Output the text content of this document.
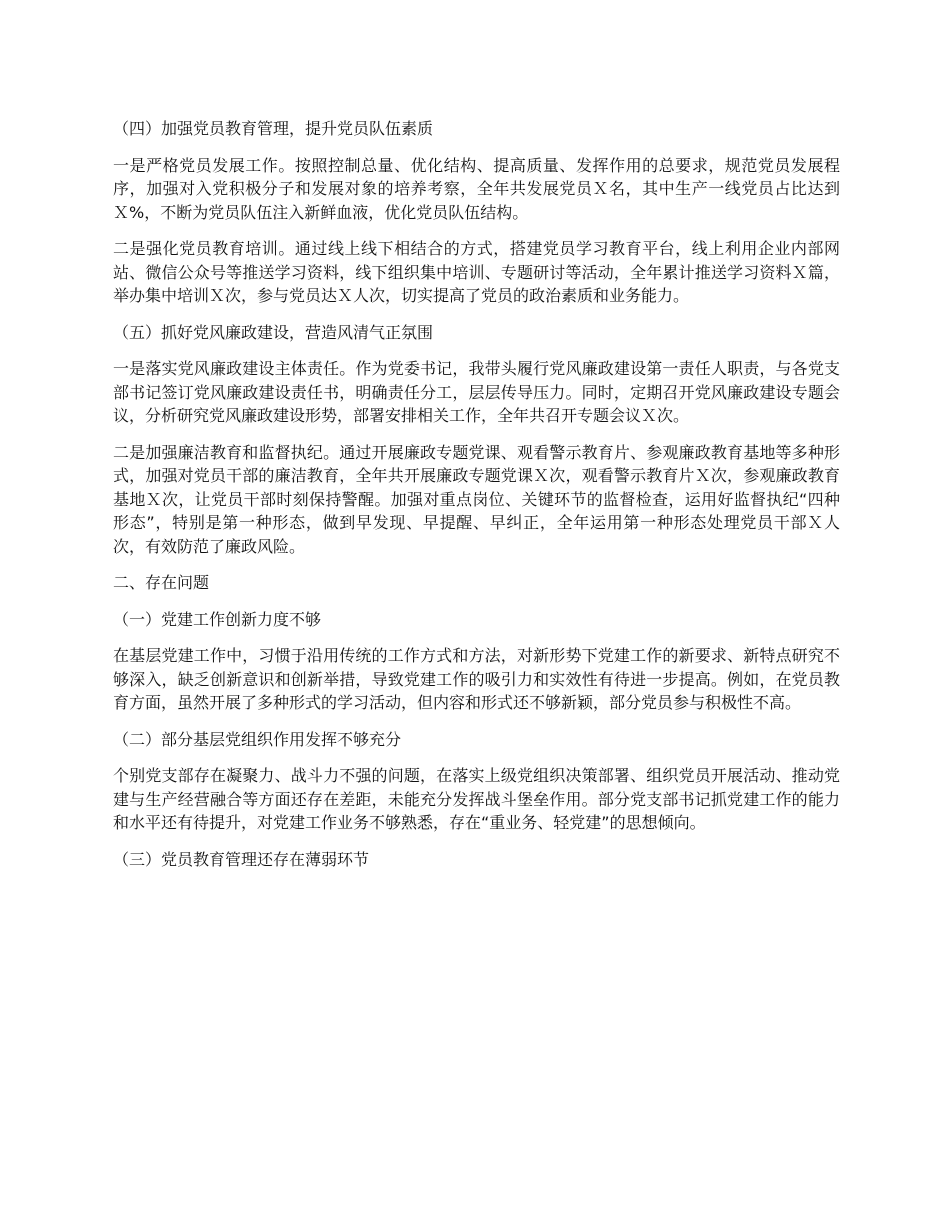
（四）加强党员教育管理，提升党员队伍素质

一是严格党员发展工作。按照控制总量、优化结构、提高质量、发挥作用的总要求，规范党员发展程序，加强对入党积极分子和发展对象的培养考察，全年共发展党员Ｘ名，其中生产一线党员占比达到Ｘ%，不断为党员队伍注入新鲜血液，优化党员队伍结构。

二是强化党员教育培训。通过线上线下相结合的方式，搭建党员学习教育平台，线上利用企业内部网站、微信公众号等推送学习资料，线下组织集中培训、专题研讨等活动，全年累计推送学习资料Ｘ篇，举办集中培训Ｘ次，参与党员达Ｘ人次，切实提高了党员的政治素质和业务能力。

（五）抓好党风廉政建设，营造风清气正氛围

一是落实党风廉政建设主体责任。作为党委书记，我带头履行党风廉政建设第一责任人职责，与各党支部书记签订党风廉政建设责任书，明确责任分工，层层传导压力。同时，定期召开党风廉政建设专题会议，分析研究党风廉政建设形势，部署安排相关工作，全年共召开专题会议Ｘ次。

二是加强廉洁教育和监督执纪。通过开展廉政专题党课、观看警示教育片、参观廉政教育基地等多种形式，加强对党员干部的廉洁教育，全年共开展廉政专题党课Ｘ次，观看警示教育片Ｘ次，参观廉政教育基地Ｘ次，让党员干部时刻保持警醒。加强对重点岗位、关键环节的监督检查，运用好监督执纪“四种形态”，特别是第一种形态，做到早发现、早提醒、早纠正，全年运用第一种形态处理党员干部Ｘ人次，有效防范了廉政风险。

二、存在问题

（一）党建工作创新力度不够

在基层党建工作中，习惯于沿用传统的工作方式和方法，对新形势下党建工作的新要求、新特点研究不够深入，缺乏创新意识和创新举措，导致党建工作的吸引力和实效性有待进一步提高。例如，在党员教育方面，虽然开展了多种形式的学习活动，但内容和形式还不够新颖，部分党员参与积极性不高。

（二）部分基层党组织作用发挥不够充分

个别党支部存在凝聚力、战斗力不强的问题，在落实上级党组织决策部署、组织党员开展活动、推动党建与生产经营融合等方面还存在差距，未能充分发挥战斗堡垒作用。部分党支部书记抓党建工作的能力和水平还有待提升，对党建工作业务不够熟悉，存在“重业务、轻党建”的思想倾向。

（三）党员教育管理还存在薄弱环节
